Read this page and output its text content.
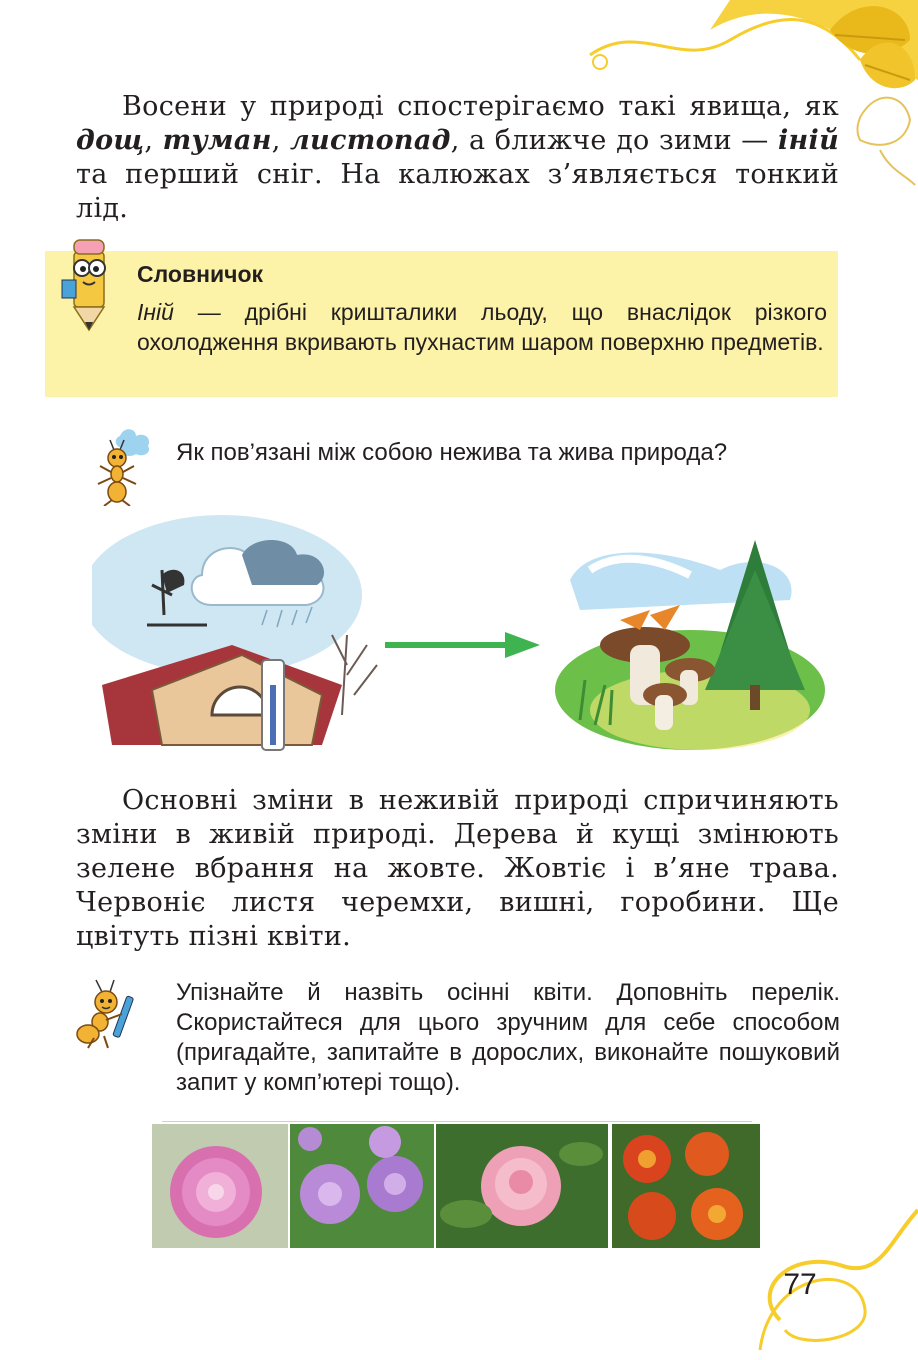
Восени у природі спостерігаємо такі явища, як дощ, туман, листопад, а ближче до зими — іній та перший сніг. На калюжах з’являється тонкий лід.

Словничок
Іній — дрібні кришталики льоду, що внаслідок різкого охолодження вкривають пухнастим шаром поверхню предметів.
Як пов’язані між собою нежива та жива природа?

Основні зміни в неживій природі спричиняють зміни в живій природі. Дерева й кущі змінюють зелене вбрання на жовте. Жовтіє і в’яне трава. Червоніє листя черемхи, вишні, горобини. Ще цвітуть пізні квіти.

Упізнайте й назвіть осінні квіти. Доповніть перелік. Скористайтеся для цього зручним для себе способом (пригадайте, запитайте в дорослих, виконайте пошуковий запит у комп’ютері тощо).
77
